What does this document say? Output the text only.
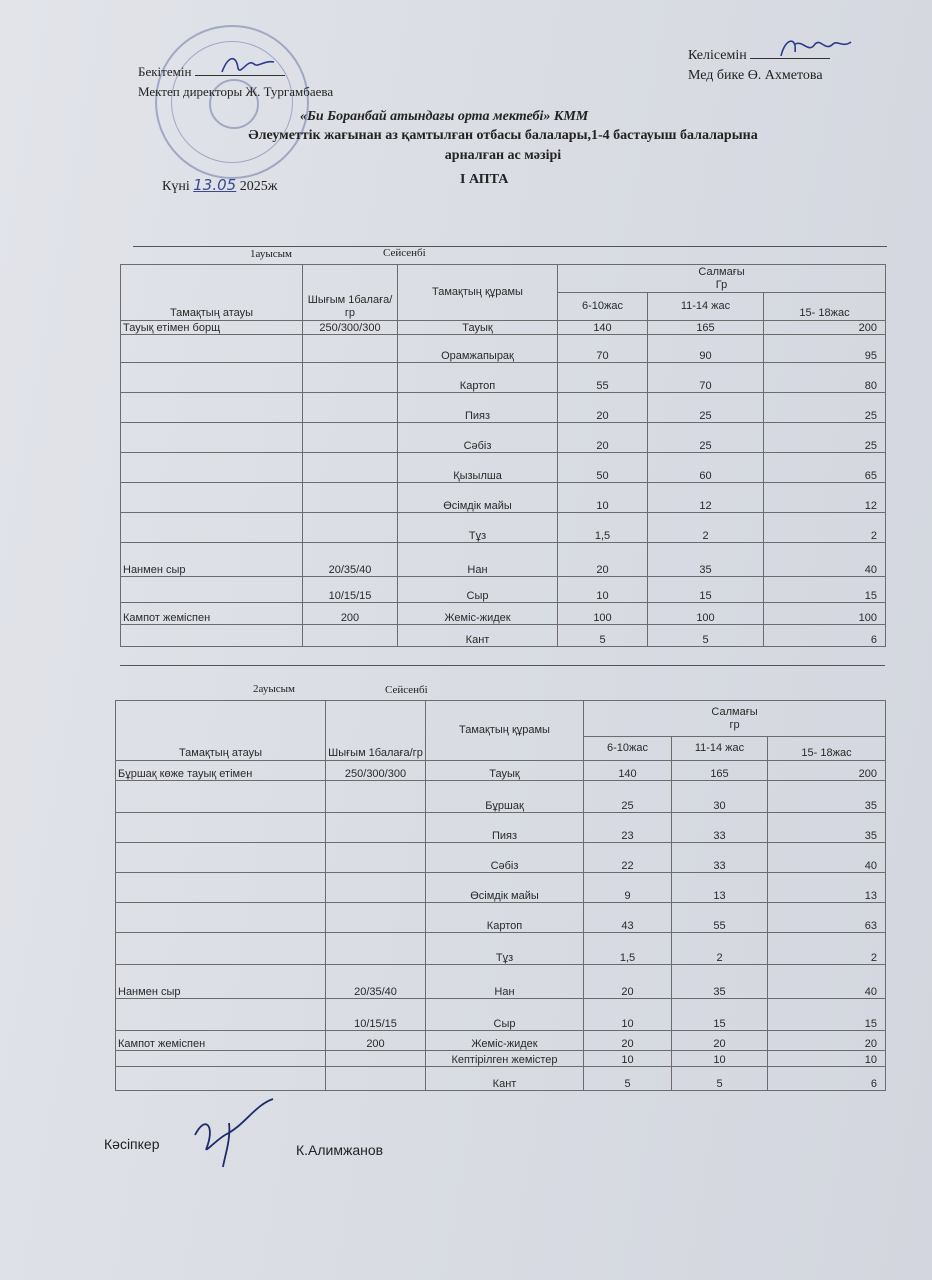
Бекітемін
Мектеп директоры Ж. Тургамбаева
Келісемін
Мед бике Ө. Ахметова
«Би Боранбай атындағы орта мектебі» КММ
Әлеуметтік жағынан аз қамтылған отбасы балалары,1-4 бастауыш балаларына
арналған ас мәзірі
Күні 13.05 2025ж	I АПТА
1ауысым	Сейсенбі
Тамақтың атауы	Шығым 1балаға/гр	Тамақтың құрамы	Салмағы
Гр		
			6-10жас	11-14 жас	15- 18жас
Тауық етімен борщ	250/300/300	Тауық	140	165	200
		Орамжапырақ	70	90	95
		Картоп	55	70	80
		Пияз	20	25	25
		Сәбіз	20	25	25
		Қызылша	50	60	65
		Өсімдік майы	10	12	12
		Тұз	1,5	2	2
Нанмен сыр	20/35/40	Нан	20	35	40
	10/15/15	Сыр	10	15	15
Кампот жеміспен	200	Жеміс-жидек	100	100	100
		Кант	5	5	6
2ауысым	Сейсенбі
Тамақтың атауы	Шығым 1балаға/гр	Тамақтың құрамы	Салмағы
гр		
			6-10жас	11-14 жас	15- 18жас
Бұршақ көже тауық етімен	250/300/300	Тауық	140	165	200
		Бұршақ	25	30	35
		Пияз	23	33	35
		Сәбіз	22	33	40
		Өсімдік майы	9	13	13
		Картоп	43	55	63
		Тұз	1,5	2	2
Нанмен сыр	20/35/40	Нан	20	35	40
	10/15/15	Сыр	10	15	15
Кампот жеміспен	200	Жеміс-жидек	20	20	20
		Кептірілген жемістер	10	10	10
		Кант	5	5	6
Кәсіпкер	К.Алимжанов
